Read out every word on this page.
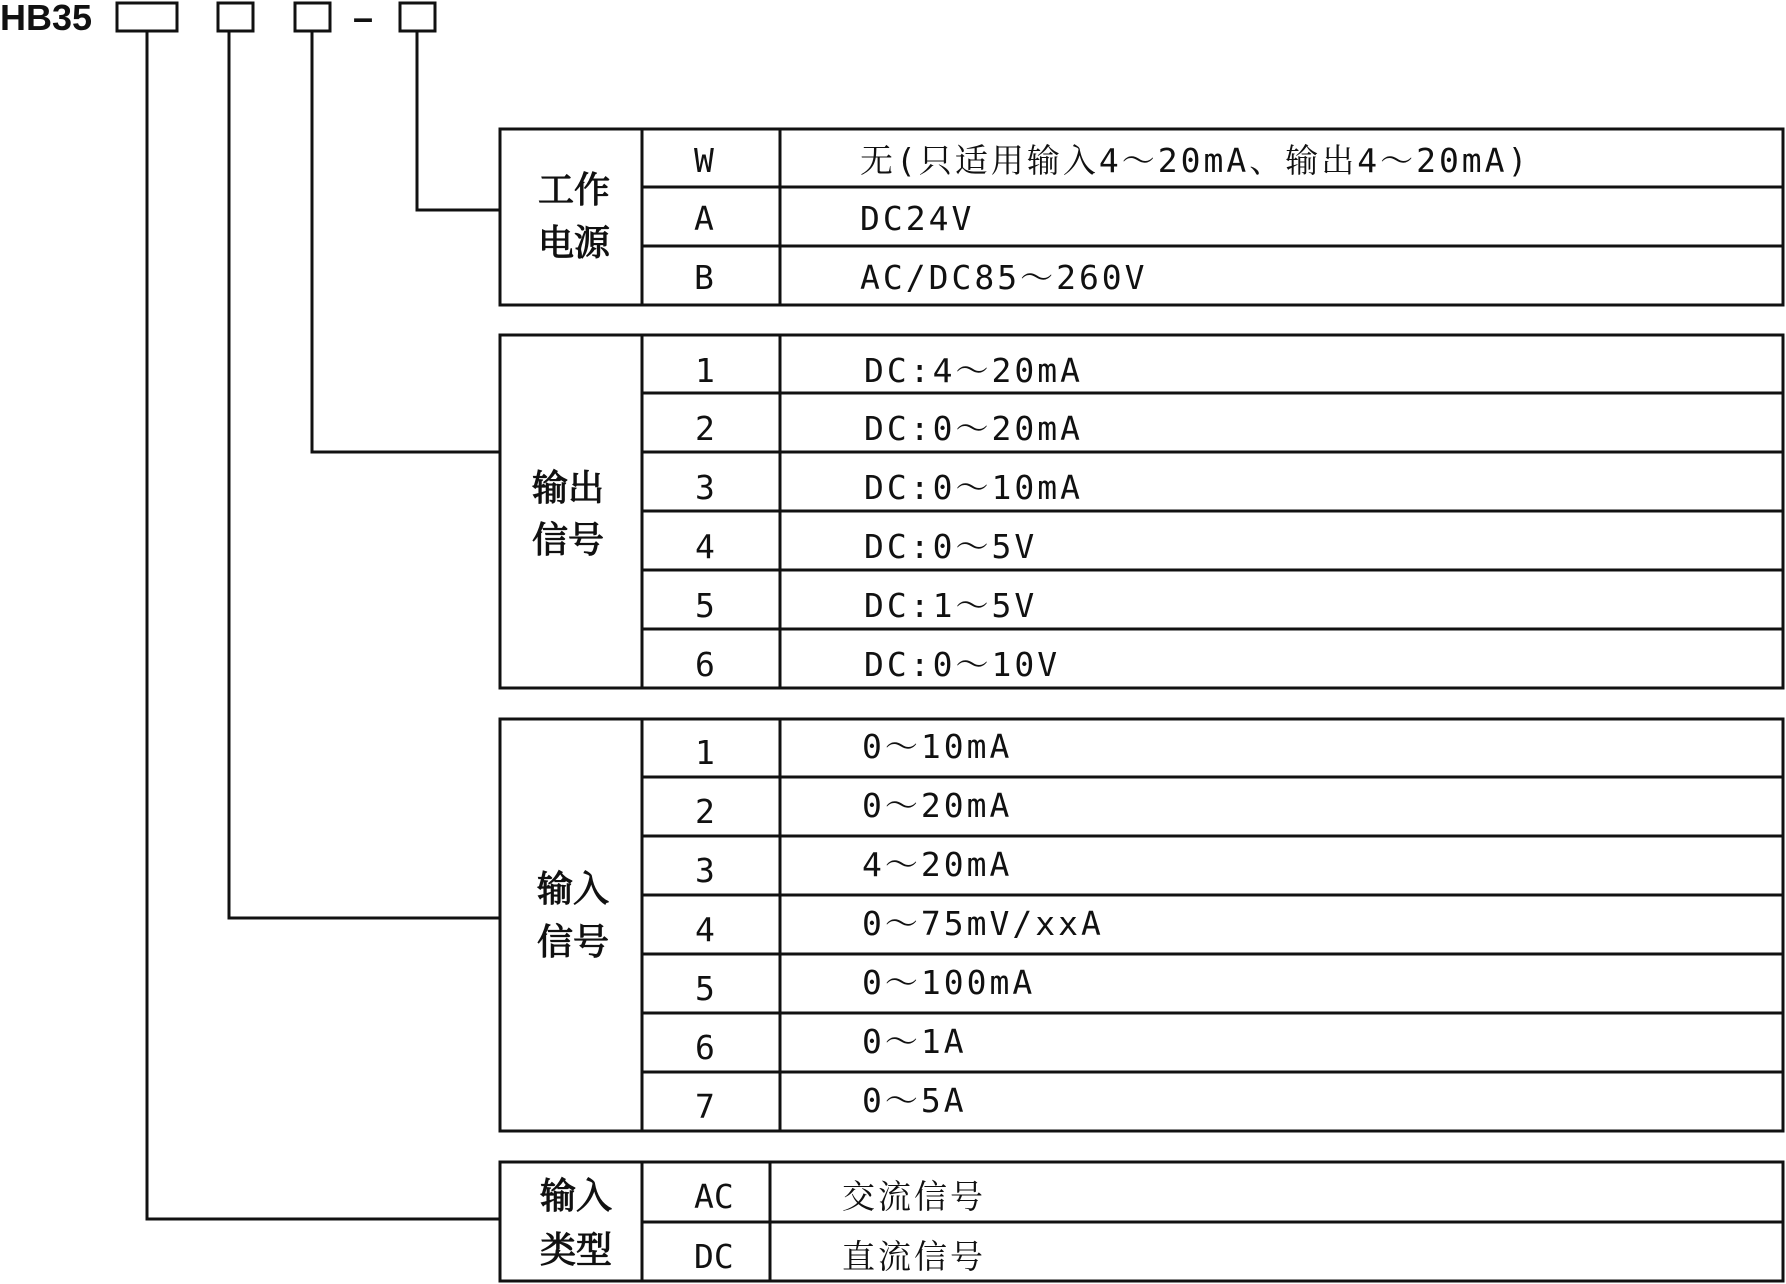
HB35	–
工作
电源
W	无(只适用输入4～20mA、输出4～20mA)
A	DC24V
B	AC/DC85～260V
输出
信号
1	DC:4～20mA
2	DC:0～20mA
3	DC:0～10mA
4	DC:0～5V
5	DC:1～5V
6	DC:0～10V
输入
信号
1	0～10mA
2	0～20mA
3	4～20mA
4	0～75mV/xxA
5	0～100mA
6	0～1A
7	0～5A
输入
类型
AC	交流信号
DC	直流信号
